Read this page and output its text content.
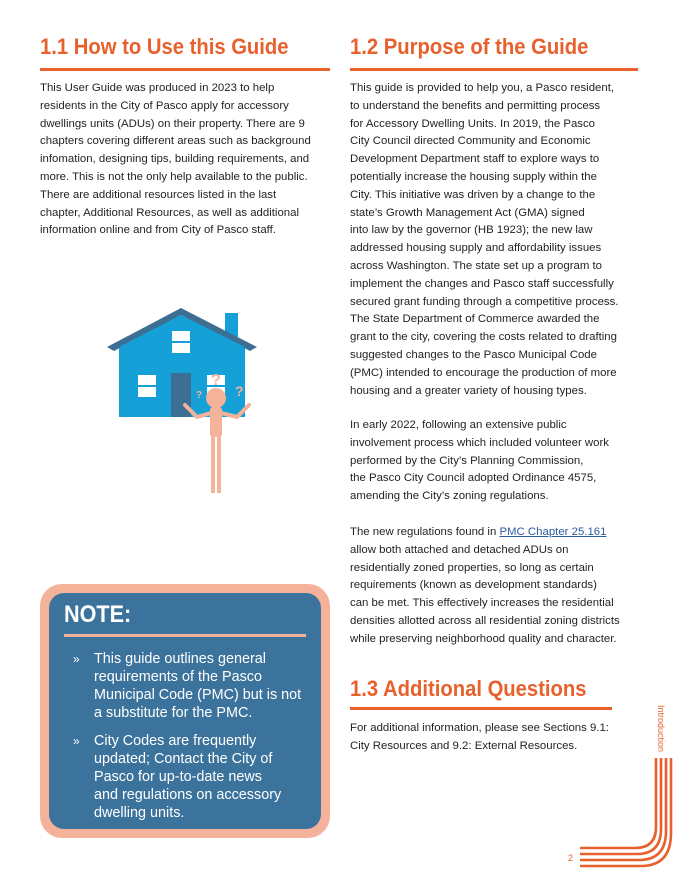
1.1 How to Use this Guide
This User Guide was produced in 2023 to help
residents in the City of Pasco apply for accessory
dwellings units (ADUs) on their property. There are 9
chapters covering different areas such as background
infomation, designing tips, building requirements, and
more. This is not the only help available to the public.
There are additional resources listed in the last
chapter, Additional Resources, as well as additional
information online and from City of Pasco staff.
?
? ?
NOTE:
» This guide outlines general
requirements of the Pasco
Municipal Code (PMC) but is not
a substitute for the PMC.
» City Codes are frequently
updated; Contact the City of
Pasco for up-to-date news
and regulations on accessory
dwelling units.
1.2 Purpose of the Guide
This guide is provided to help you, a Pasco resident,
to understand the benefits and permitting process
for Accessory Dwelling Units. In 2019, the Pasco
City Council directed Community and Economic
Development Department staff to explore ways to
potentially increase the housing supply within the
City. This initiative was driven by a change to the
state’s Growth Management Act (GMA) signed
into law by the governor (HB 1923); the new law
addressed housing supply and affordability issues
across Washington. The state set up a program to
implement the changes and Pasco staff successfully
secured grant funding through a competitive process.
The State Department of Commerce awarded the
grant to the city, covering the costs related to drafting
suggested changes to the Pasco Municipal Code
(PMC) intended to encourage the production of more
housing and a greater variety of housing types.
In early 2022, following an extensive public
involvement process which included volunteer work
performed by the City’s Planning Commission,
the Pasco City Council adopted Ordinance 4575,
amending the City’s zoning regulations.
The new regulations found in PMC Chapter 25.161
allow both attached and detached ADUs on
residentially zoned properties, so long as certain
requirements (known as development standards)
can be met. This effectively increases the residential
densities allotted across all residential zoning districts
while preserving neighborhood quality and character.
1.3 Additional Questions
For additional information, please see Sections 9.1:
City Resources and 9.2: External Resources.	Introduction
2
